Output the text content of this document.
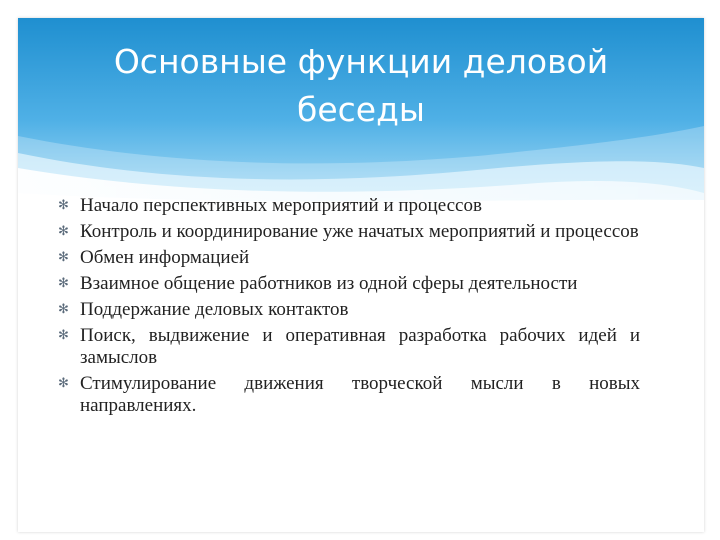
Основные функции деловой
беседы
✻ Начало перспективных мероприятий и процессов
✻ Контроль и координирование уже начатых мероприятий и процессов
✻ Обмен информацией
✻ Взаимное общение работников из одной сферы деятельности
✻ Поддержание деловых контактов
✻ Поиск, выдвижение и оперативная разработка рабочих идей и замыслов
✻ Стимулирование движения творческой мысли в новых направлениях.
